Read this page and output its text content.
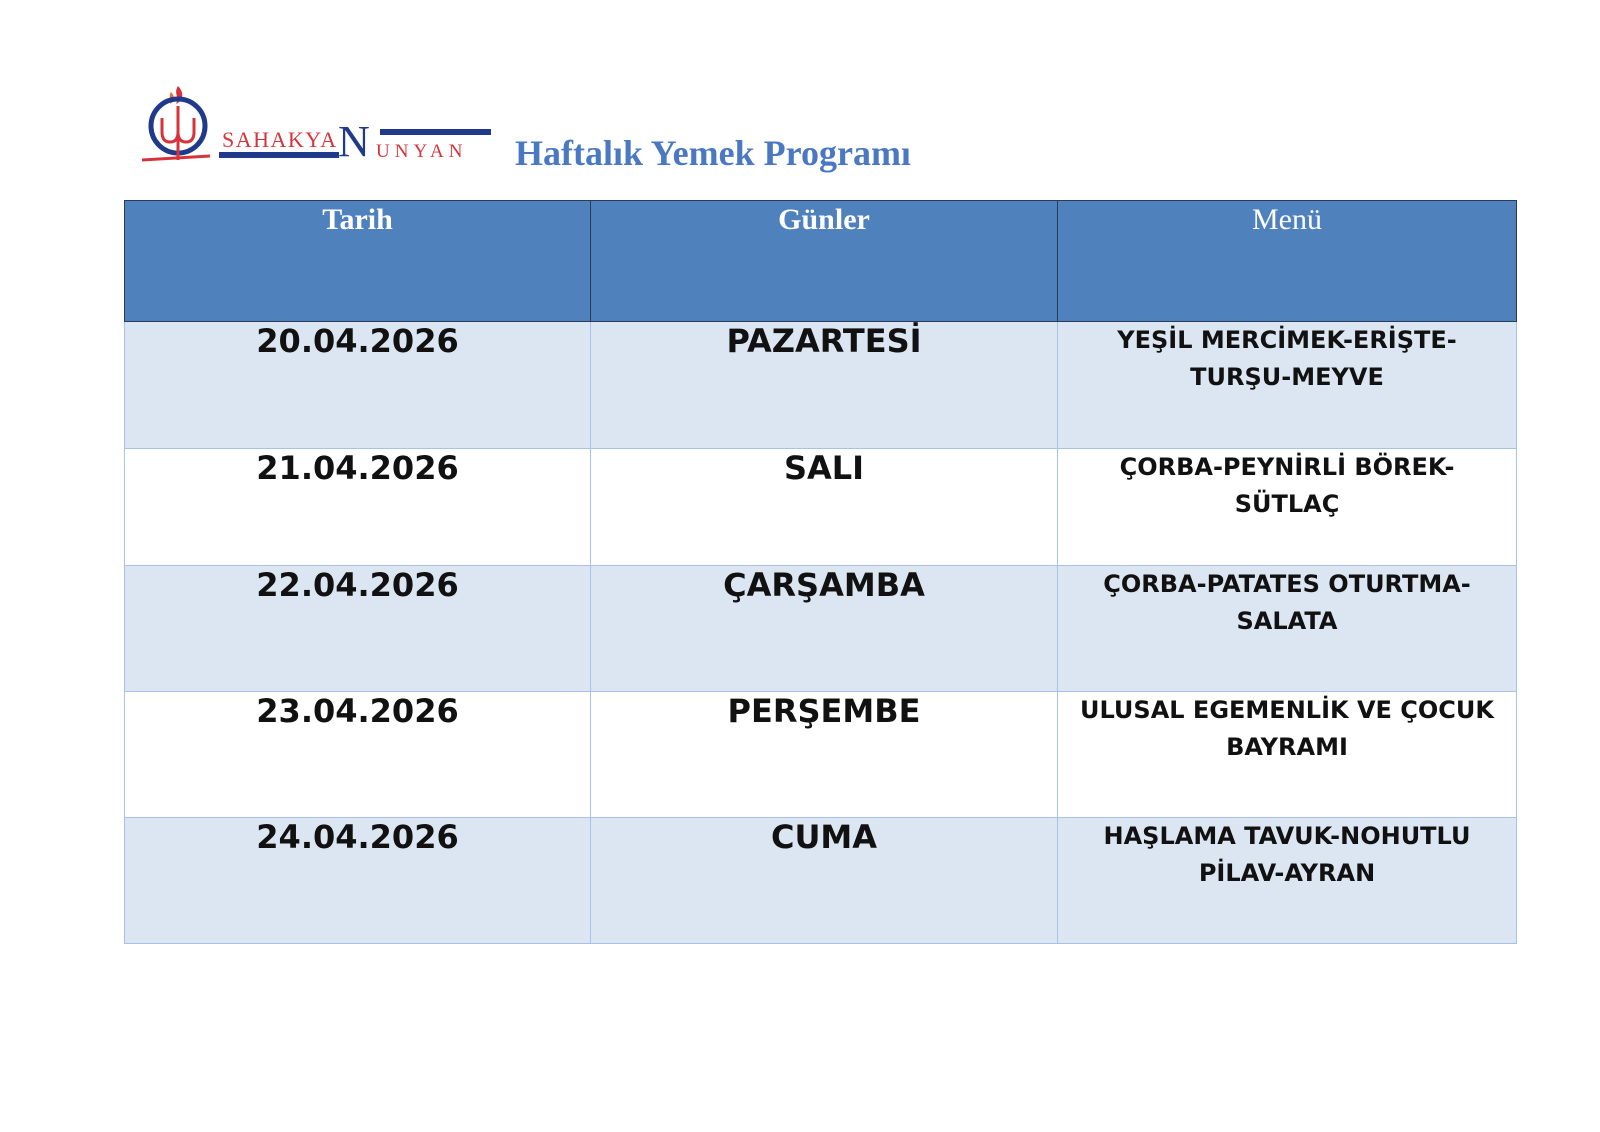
SAHAKYA N UNYAN Haftalık Yemek Programı
Tarih	Günler	Menü
20.04.2026	PAZARTESİ	YEŞİL MERCİMEK-ERİŞTE-
TURŞU-MEYVE

21.04.2026	SALI	ÇORBA-PEYNİRLİ BÖREK-
SÜTLAÇ

22.04.2026	ÇARŞAMBA	ÇORBA-PATATES OTURTMA-
SALATA

23.04.2026	PERŞEMBE	ULUSAL EGEMENLİK VE ÇOCUK
BAYRAMI

24.04.2026	CUMA	HAŞLAMA TAVUK-NOHUTLU
PİLAV-AYRAN
